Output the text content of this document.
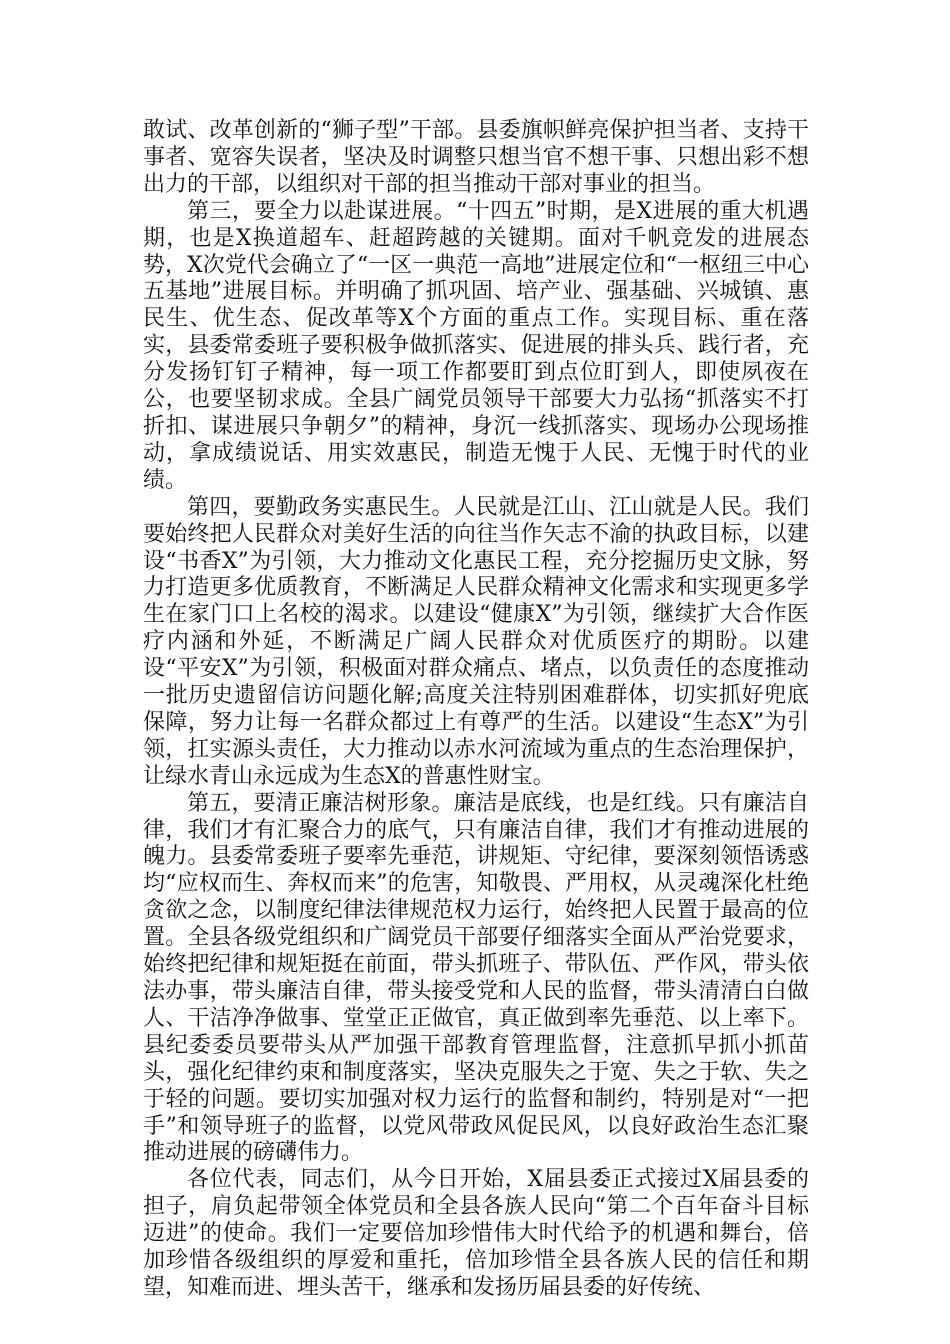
敢试、改革创新的“狮子型”干部。县委旗帜鲜亮保护担当者、支持干事者、宽容失误者，坚决及时调整只想当官不想干事、只想出彩不想出力的干部，以组织对干部的担当推动干部对事业的担当。

第三，要全力以赴谋进展。“十四五”时期，是X进展的重大机遇期，也是X换道超车、赶超跨越的关键期。面对千帆竞发的进展态势，X次党代会确立了“一区一典范一高地”进展定位和“一枢纽三中心五基地”进展目标。并明确了抓巩固、培产业、强基础、兴城镇、惠民生、优生态、促改革等X个方面的重点工作。实现目标、重在落实，县委常委班子要积极争做抓落实、促进展的排头兵、践行者，充分发扬钉钉子精神，每一项工作都要盯到点位盯到人，即使夙夜在公，也要坚韧求成。全县广阔党员领导干部要大力弘扬“抓落实不打折扣、谋进展只争朝夕”的精神，身沉一线抓落实、现场办公现场推动，拿成绩说话、用实效惠民，制造无愧于人民、无愧于时代的业绩。

第四，要勤政务实惠民生。人民就是江山、江山就是人民。我们要始终把人民群众对美好生活的向往当作矢志不渝的执政目标，以建设“书香X”为引领，大力推动文化惠民工程，充分挖掘历史文脉，努力打造更多优质教育，不断满足人民群众精神文化需求和实现更多学生在家门口上名校的渴求。以建设“健康X”为引领，继续扩大合作医疗内涵和外延，不断满足广阔人民群众对优质医疗的期盼。以建设“平安X”为引领，积极面对群众痛点、堵点，以负责任的态度推动一批历史遗留信访问题化解;高度关注特别困难群体，切实抓好兜底保障，努力让每一名群众都过上有尊严的生活。以建设“生态X”为引领，扛实源头责任，大力推动以赤水河流域为重点的生态治理保护，让绿水青山永远成为生态X的普惠性财宝。

第五，要清正廉洁树形象。廉洁是底线，也是红线。只有廉洁自律，我们才有汇聚合力的底气，只有廉洁自律，我们才有推动进展的魄力。县委常委班子要率先垂范，讲规矩、守纪律，要深刻领悟诱惑均“应权而生、奔权而来”的危害，知敬畏、严用权，从灵魂深化杜绝贪欲之念，以制度纪律法律规范权力运行，始终把人民置于最高的位置。全县各级党组织和广阔党员干部要仔细落实全面从严治党要求，始终把纪律和规矩挺在前面，带头抓班子、带队伍、严作风，带头依法办事，带头廉洁自律，带头接受党和人民的监督，带头清清白白做人、干洁净净做事、堂堂正正做官，真正做到率先垂范、以上率下。县纪委委员要带头从严加强干部教育管理监督，注意抓早抓小抓苗头，强化纪律约束和制度落实，坚决克服失之于宽、失之于软、失之于轻的问题。要切实加强对权力运行的监督和制约，特别是对“一把手”和领导班子的监督，以党风带政风促民风，以良好政治生态汇聚推动进展的磅礴伟力。

各位代表，同志们，从今日开始，X届县委正式接过X届县委的担子，肩负起带领全体党员和全县各族人民向“第二个百年奋斗目标迈进”的使命。我们一定要倍加珍惜伟大时代给予的机遇和舞台，倍加珍惜各级组织的厚爱和重托，倍加珍惜全县各族人民的信任和期望，知难而进、埋头苦干，继承和发扬历届县委的好传统、
